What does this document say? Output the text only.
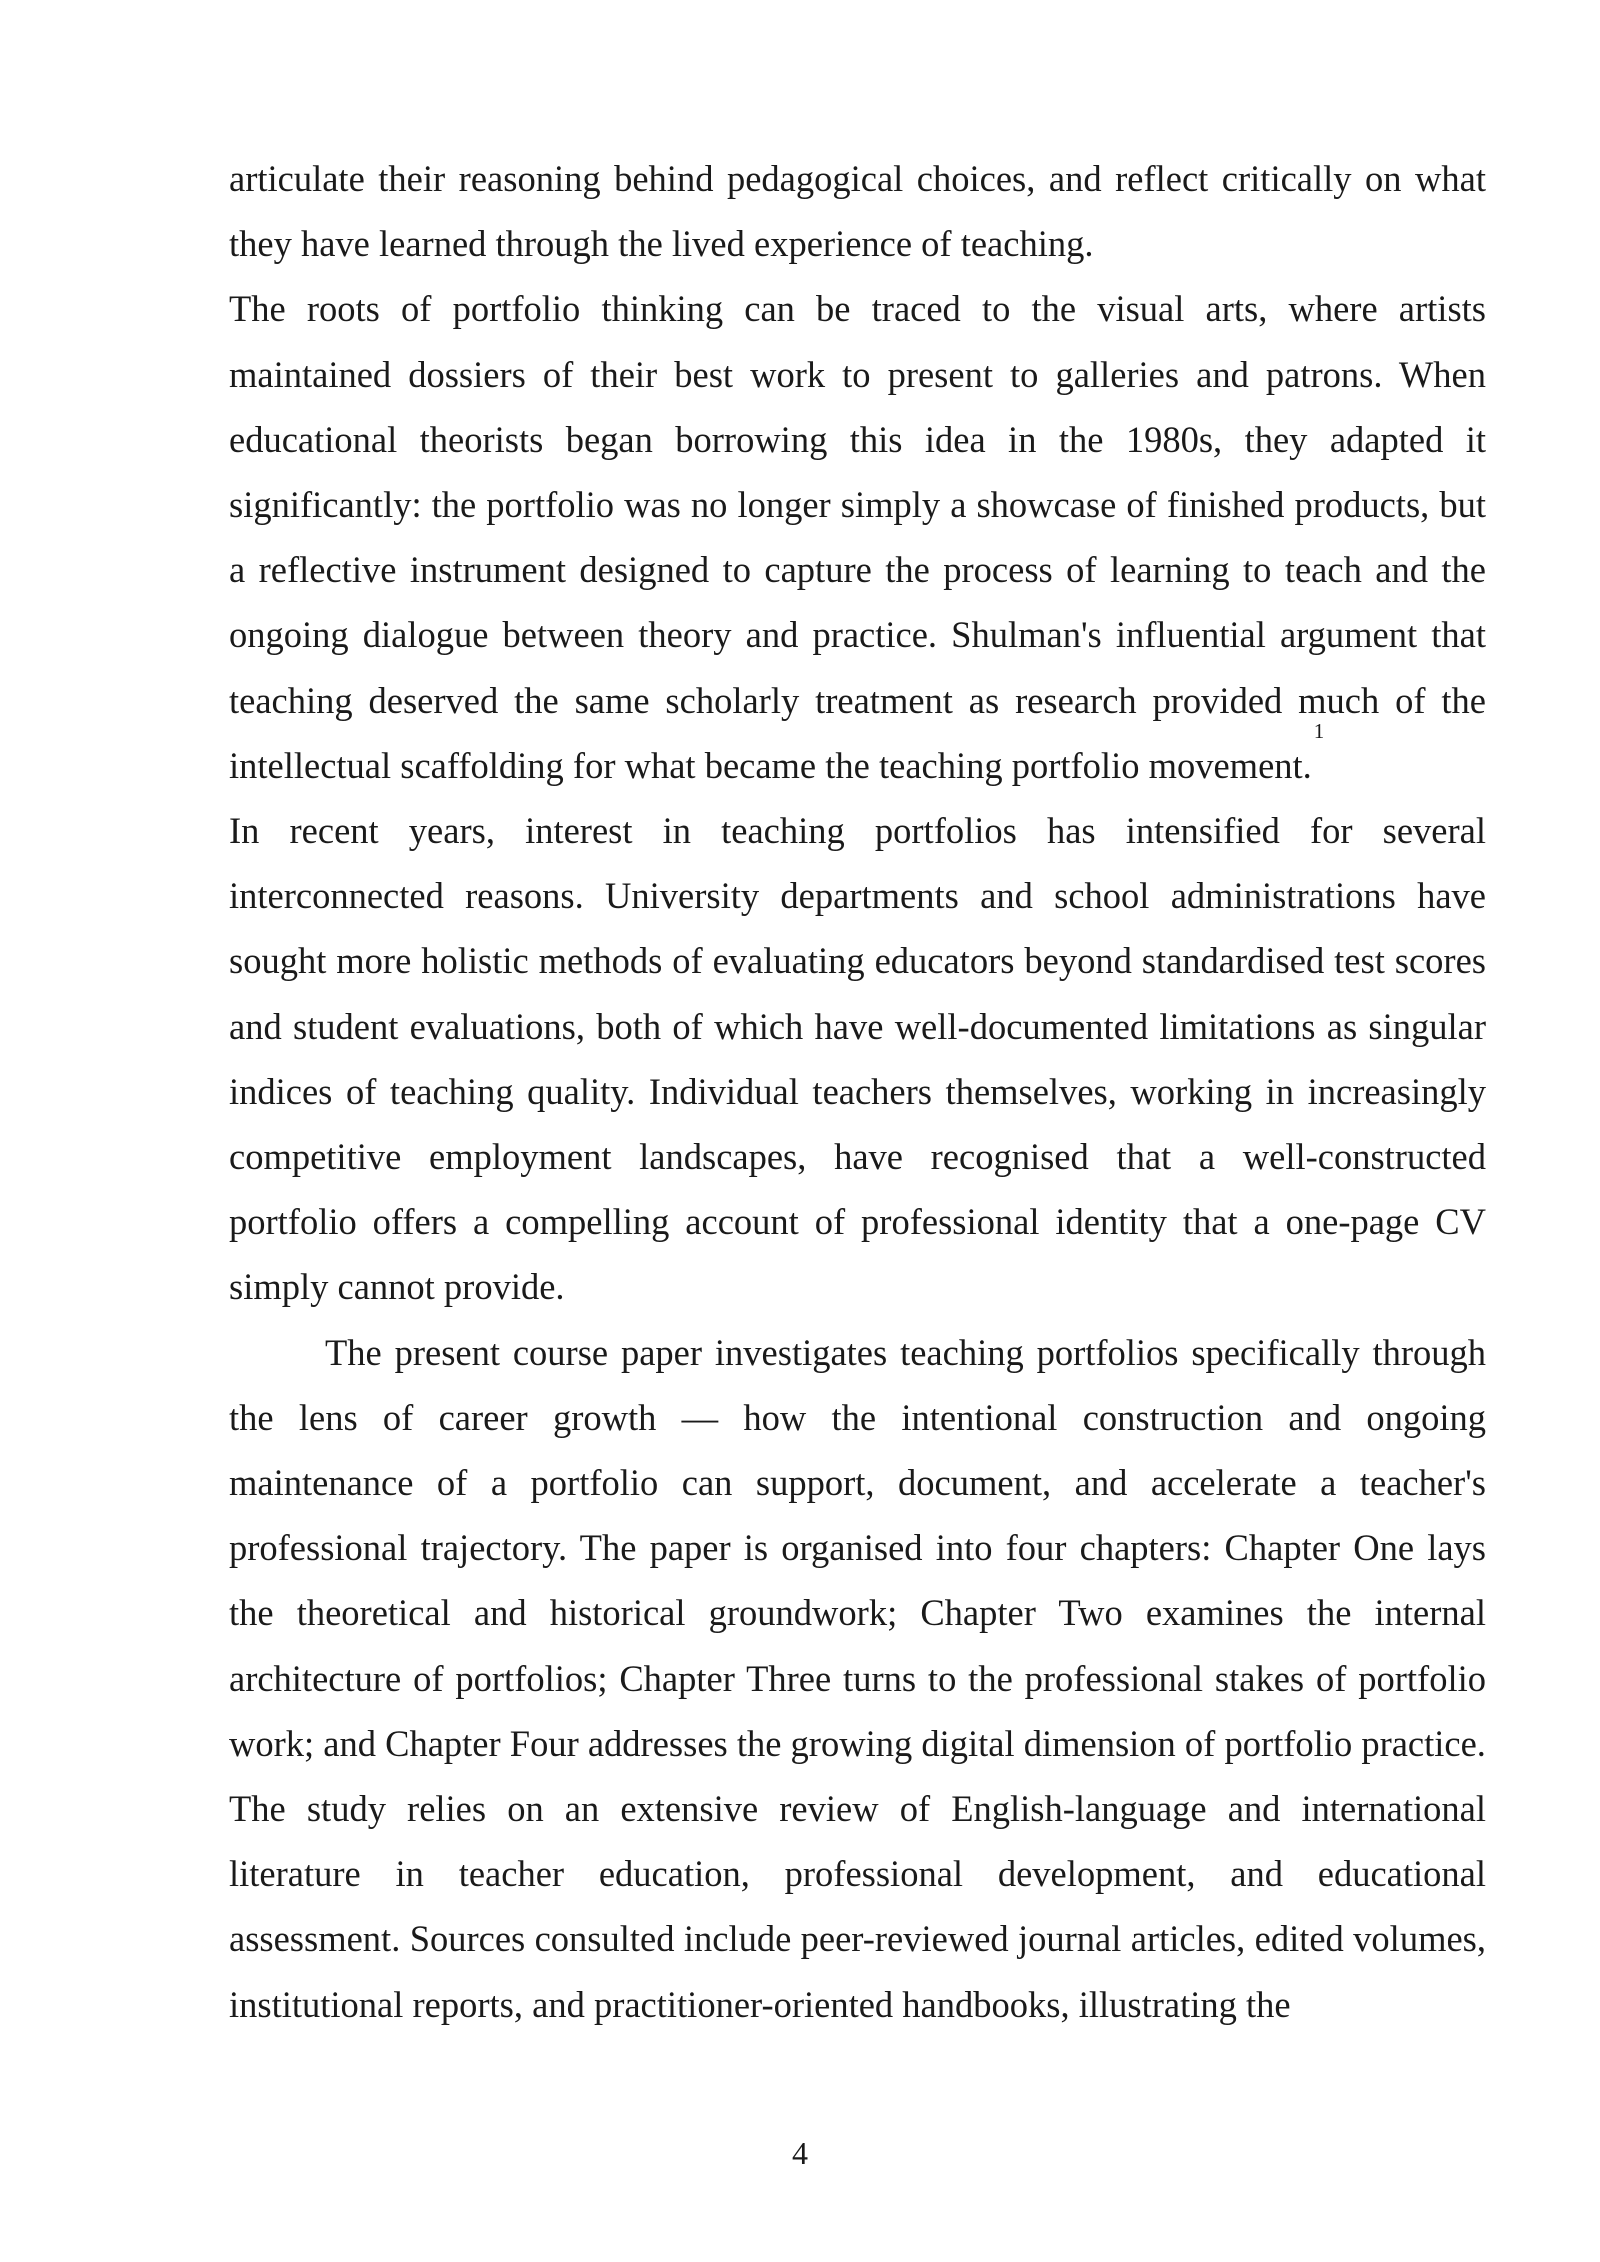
articulate their reasoning behind pedagogical choices, and reflect critically on what they have learned through the lived experience of teaching.

The roots of portfolio thinking can be traced to the visual arts, where artists maintained dossiers of their best work to present to galleries and patrons. When educational theorists began borrowing this idea in the 1980s, they adapted it significantly: the portfolio was no longer simply a showcase of finished products, but a reflective instrument designed to capture the process of learning to teach and the ongoing dialogue between theory and practice. Shulman's influential argument that teaching deserved the same scholarly treatment as research provided much of the intellectual scaffolding for what became the teaching portfolio movement.$^1$

In recent years, interest in teaching portfolios has intensified for several interconnected reasons. University departments and school administrations have sought more holistic methods of evaluating educators beyond standardised test scores and student evaluations, both of which have well-documented limitations as singular indices of teaching quality. Individual teachers themselves, working in increasingly competitive employment landscapes, have recognised that a well-constructed portfolio offers a compelling account of professional identity that a one-page CV simply cannot provide.

The present course paper investigates teaching portfolios specifically through the lens of career growth — how the intentional construction and ongoing maintenance of a portfolio can support, document, and accelerate a teacher's professional trajectory. The paper is organised into four chapters: Chapter One lays the theoretical and historical groundwork; Chapter Two examines the internal architecture of portfolios; Chapter Three turns to the professional stakes of portfolio work; and Chapter Four addresses the growing digital dimension of portfolio practice.

The study relies on an extensive review of English-language and international literature in teacher education, professional development, and educational assessment. Sources consulted include peer-reviewed journal articles, edited volumes, institutional reports, and practitioner-oriented handbooks, illustrating the

4
